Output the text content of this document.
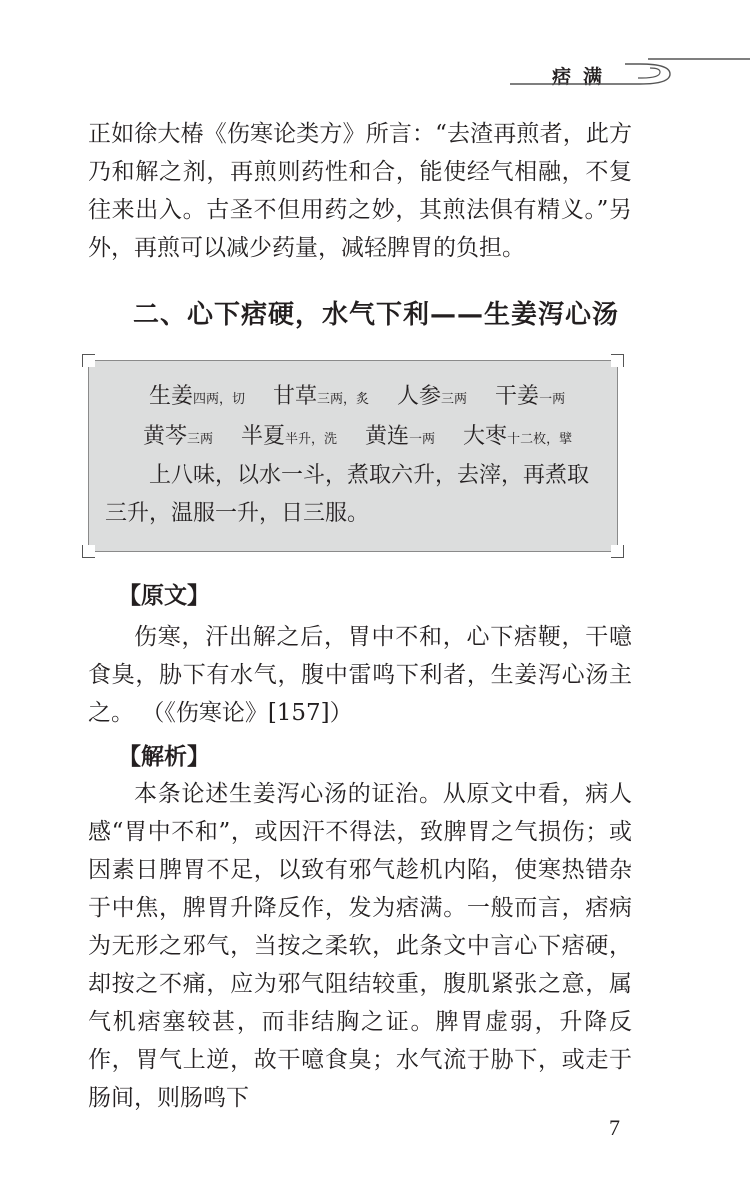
痞满

正如徐大椿《伤寒论类方》所言：“去渣再煎者，此方乃和解之剂，再煎则药性和合，能使经气相融，不复往来出入。古圣不但用药之妙，其煎法俱有精义。”另外，再煎可以减少药量，减轻脾胃的负担。

二、心下痞硬，水气下利——生姜泻心汤
生姜四两，切 甘草三两，炙 人参三两 干姜一两
黄芩三两 半夏半升，洗 黄连一两 大枣十二枚，擘
上八味，以水一斗，煮取六升，去滓，再煮取三升，温服一升，日三服。
【原文】

伤寒，汗出解之后，胃中不和，心下痞鞕，干噫食臭，胁下有水气，腹中雷鸣下利者，生姜泻心汤主之。 （《伤寒论》[157]）

【解析】

本条论述生姜泻心汤的证治。从原文中看，病人感“胃中不和”，或因汗不得法，致脾胃之气损伤；或因素日脾胃不足，以致有邪气趁机内陷，使寒热错杂于中焦，脾胃升降反作，发为痞满。一般而言，痞病为无形之邪气，当按之柔软，此条文中言心下痞硬，却按之不痛，应为邪气阻结较重，腹肌紧张之意，属气机痞塞较甚，而非结胸之证。脾胃虚弱，升降反作，胃气上逆，故干噫食臭；水气流于胁下，或走于肠间，则肠鸣下

7
